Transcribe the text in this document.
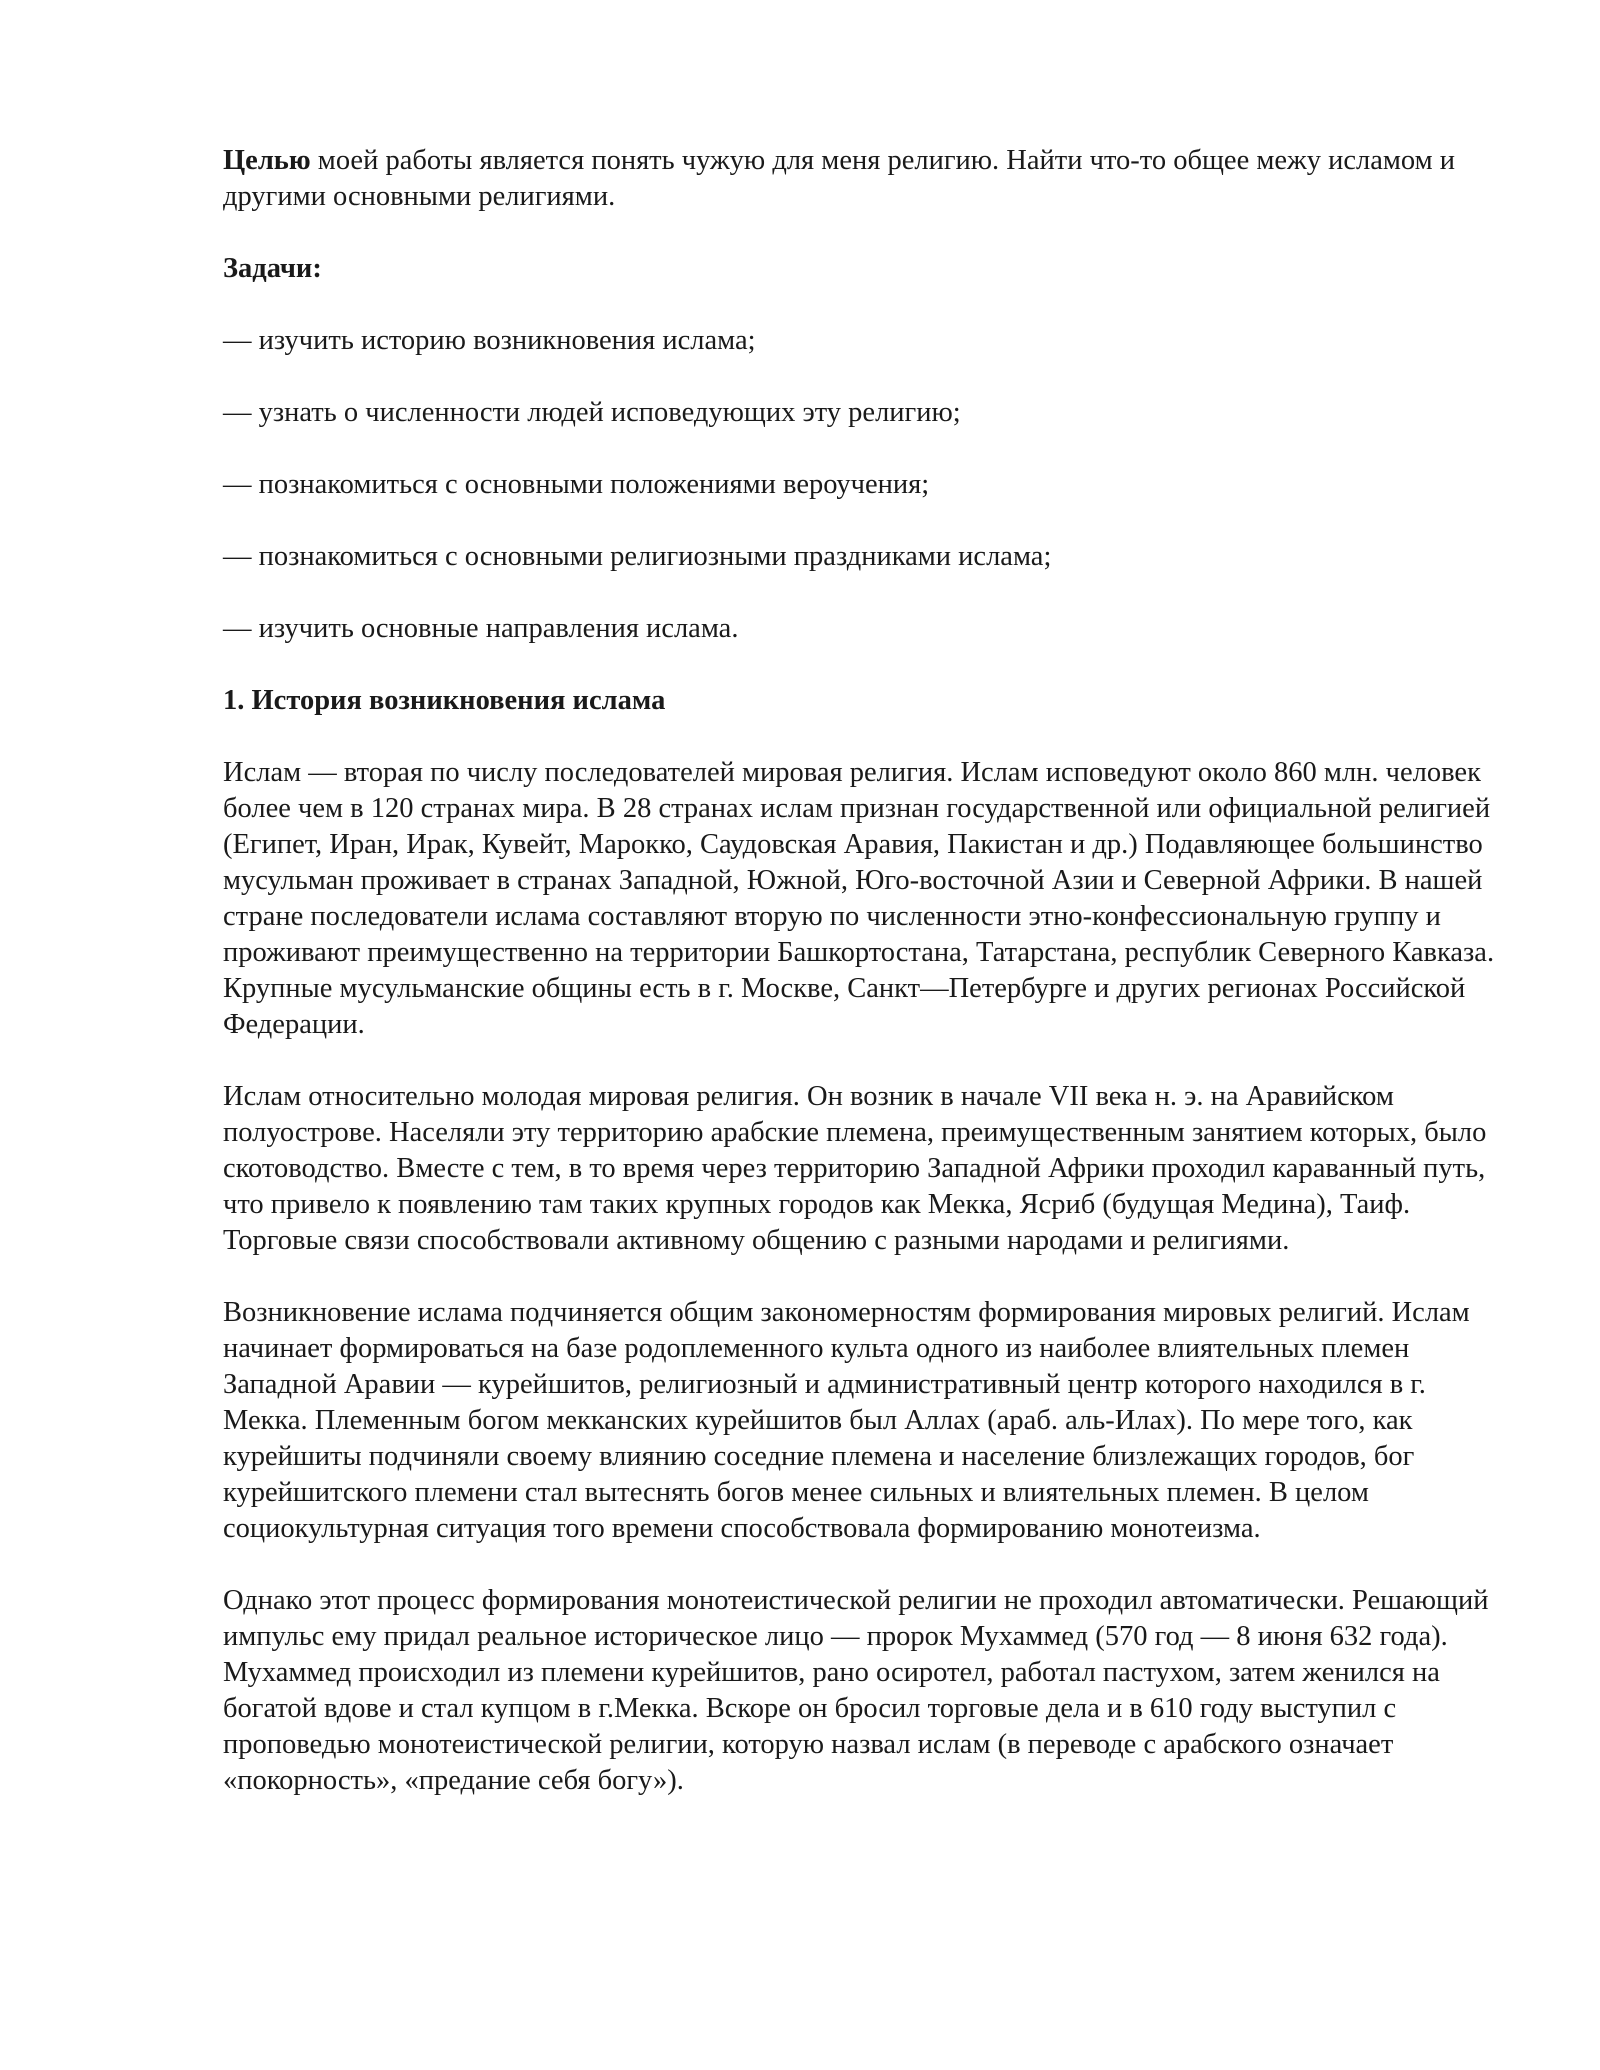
Целью моей работы является понять чужую для меня религию. Найти что-то общее межу исламом и другими основными религиями.

Задачи:

— изучить историю возникновения ислама;

— узнать о численности людей исповедующих эту религию;

— познакомиться с основными положениями вероучения;

— познакомиться с основными религиозными праздниками ислама;

— изучить основные направления ислама.

1. История возникновения ислама

Ислам — вторая по числу последователей мировая религия. Ислам исповедуют около 860 млн. человек более чем в 120 странах мира. В 28 странах ислам признан государственной или официальной религией (Египет, Иран, Ирак, Кувейт, Марокко, Саудовская Аравия, Пакистан и др.) Подавляющее большинство мусульман проживает в странах Западной, Южной, Юго-восточной Азии и Северной Африки. В нашей стране последователи ислама составляют вторую по численности этно-конфессиональную группу и проживают преимущественно на территории Башкортостана, Татарстана, республик Северного Кавказа. Крупные мусульманские общины есть в г. Москве, Санкт—Петербурге и других регионах Российской Федерации.

Ислам относительно молодая мировая религия. Он возник в начале VII века н. э. на Аравийском полуострове. Населяли эту территорию арабские племена, преимущественным занятием которых, было скотоводство. Вместе с тем, в то время через территорию Западной Африки проходил караванный путь, что привело к появлению там таких крупных городов как Мекка, Ясриб (будущая Медина), Таиф. Торговые связи способствовали активному общению с разными народами и религиями.

Возникновение ислама подчиняется общим закономерностям формирования мировых религий. Ислам начинает формироваться на базе родоплеменного культа одного из наиболее влиятельных племен Западной Аравии — курейшитов, религиозный и административный центр которого находился в г. Мекка. Племенным богом мекканских курейшитов был Аллах (араб. аль-Илах). По мере того, как курейшиты подчиняли своему влиянию соседние племена и население близлежащих городов, бог курейшитского племени стал вытеснять богов менее сильных и влиятельных племен. В целом социокультурная ситуация того времени способствовала формированию монотеизма.

Однако этот процесс формирования монотеистической религии не проходил автоматически. Решающий импульс ему придал реальное историческое лицо — пророк Мухаммед (570 год — 8 июня 632 года). Мухаммед происходил из племени курейшитов, рано осиротел, работал пастухом, затем женился на богатой вдове и стал купцом в г.Мекка. Вскоре он бросил торговые дела и в 610 году выступил с проповедью монотеистической религии, которую назвал ислам (в переводе с арабского означает «покорность», «предание себя богу»).
